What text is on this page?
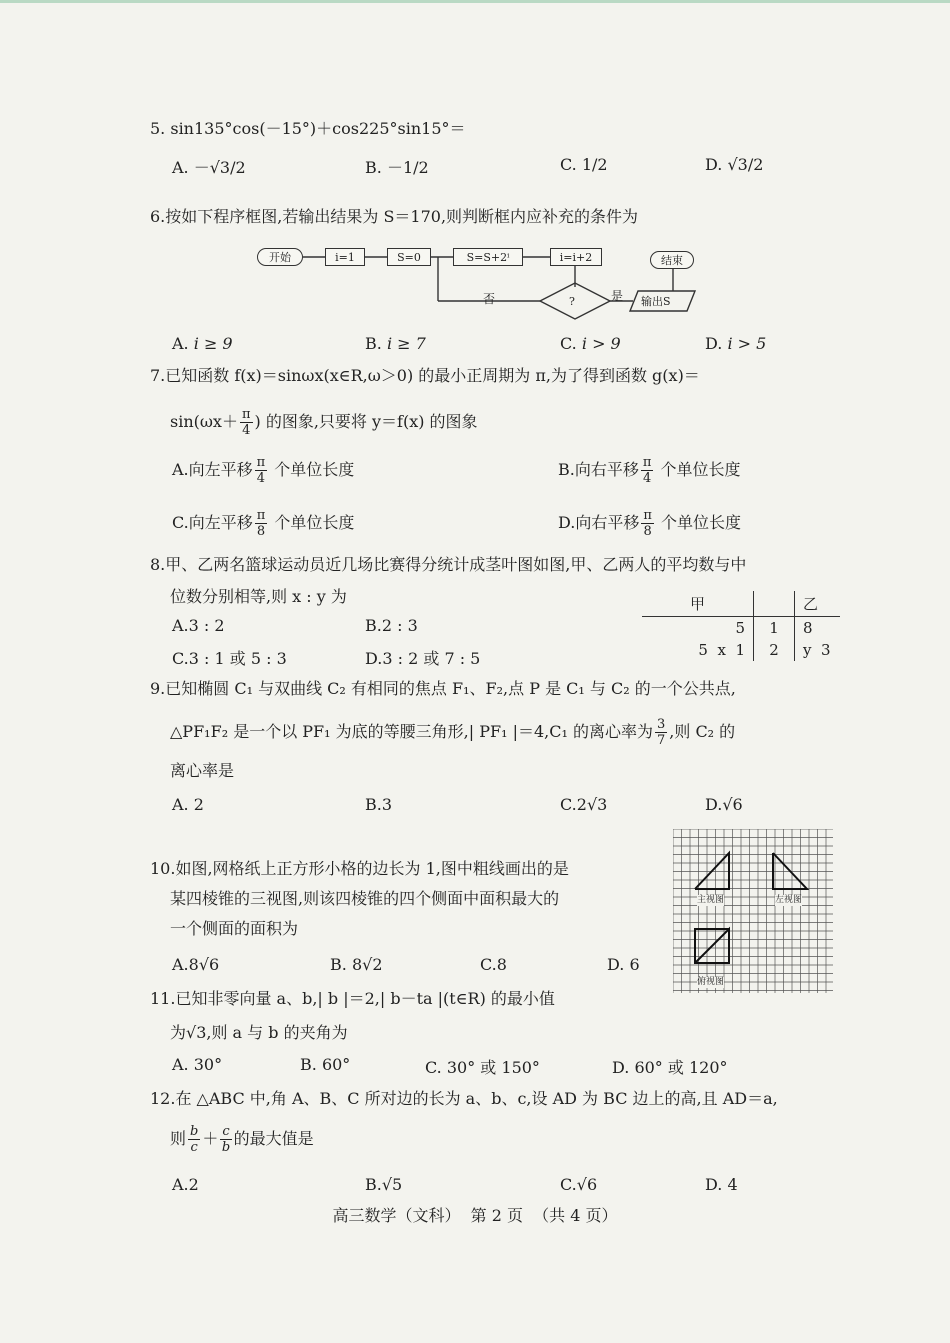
5. sin135°cos(－15°)＋cos225°sin15°＝
A. －√3/2	B. －1/2	C. 1/2	D. √3/2
6.按如下程序框图,若输出结果为 S＝170,则判断框内应补充的条件为
开始	i=1	S=0	S=S+2ⁱ	i=i+2
?
否	是 输出S
结束
A. i ≥ 9	B. i ≥ 7	C. i > 9	D. i > 5
7.已知函数 f(x)＝sinωx(x∈R,ω＞0) 的最小正周期为 π,为了得到函数 g(x)＝
$\sin(\omega x+ \frac{\pi}{4}$ ) 的图象,只要将 y＝f(x) 的图象
A.向左平移 $\frac{\pi}{4}$ 个单位长度	B.向右平移 $\frac{\pi}{4}$ 个单位长度
C.向左平移 $\frac{\pi}{8}$ 个单位长度	D.向右平移 $\frac{\pi}{8}$ 个单位长度
8.甲、乙两名篮球运动员近几场比赛得分统计成茎叶图如图,甲、乙两人的平均数与中
位数分别相等,则 x : y 为
A.3 : 2	B.2 : 3
C.3 : 1 或 5 : 3	D.3 : 2 或 7 : 5
甲		乙
5	1	8
5  x  1	2	y  3
9.已知椭圆 C₁ 与双曲线 C₂ 有相同的焦点 F₁、F₂,点 P 是 C₁ 与 C₂ 的一个公共点,
△PF₁F₂ 是一个以 PF₁ 为底的等腰三角形,| PF₁ |＝4,C₁ 的离心率为 $\frac{3}{7}$ ,则 C₂ 的
离心率是
A. 2	B.3	C.2√3	D.√6
10.如图,网格纸上正方形小格的边长为 1,图中粗线画出的是
某四棱锥的三视图,则该四棱锥的四个侧面中面积最大的
一个侧面的面积为
A.8√6	B. 8√2	C.8	D. 6
主视图	左视图
俯视图
11.已知非零向量 a、b,| b |＝2,| b－ta |(t∈R) 的最小值
为√3,则 a 与 b 的夹角为
A. 30°	B. 60°	C. 30° 或 150°	D. 60° 或 120°
12.在 △ABC 中,角 A、B、C 所对边的长为 a、b、c,设 AD 为 BC 边上的高,且 AD＝a,
则 $\frac{b}{c} + \frac{c}{b}$ 的最大值是
A.2	B.√5	C.√6	D. 4
高三数学（文科）  第 2 页  （共 4 页）
